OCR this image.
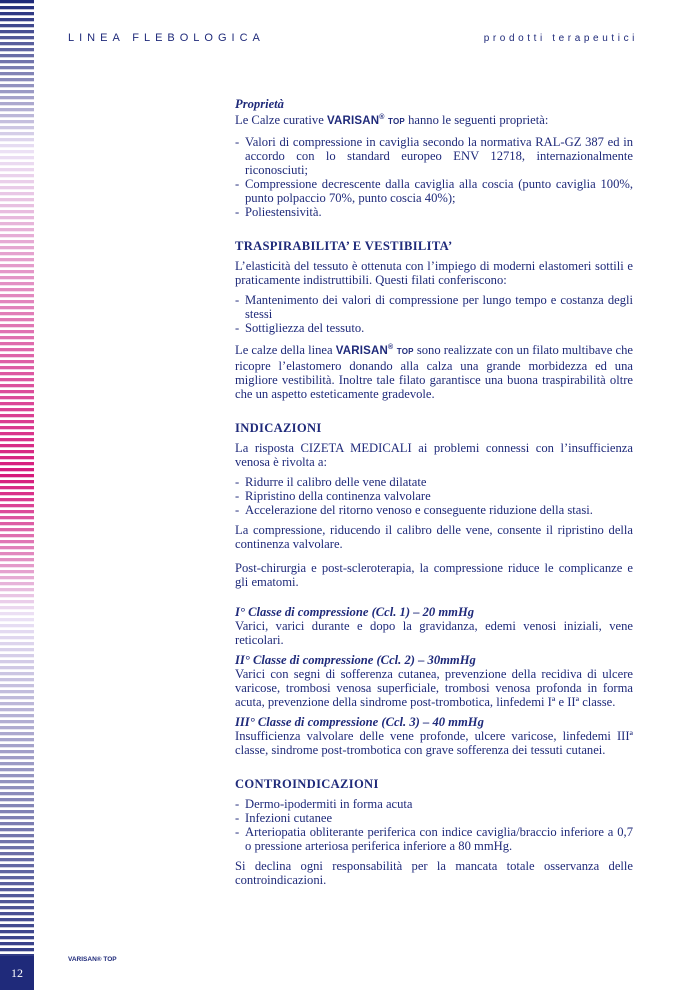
LINEA FLEBOLOGICA	prodotti terapeutici

Proprietà

Le Calze curative VARISAN® TOP hanno le seguenti proprietà:

- Valori di compressione in caviglia secondo la normativa RAL-GZ 387 ed in accordo con lo standard europeo ENV 12718, internazionalmente riconosciuti;
- Compressione decrescente dalla caviglia alla coscia (punto caviglia 100%, punto polpaccio 70%, punto coscia 40%);
- Poliestensività.

TRASPIRABILITA’ E VESTIBILITA’

L’elasticità del tessuto è ottenuta con l’impiego di moderni elastomeri sottili e praticamente indistruttibili. Questi filati conferiscono:

- Mantenimento dei valori di compressione per lungo tempo e costanza degli stessi
- Sottigliezza del tessuto.

Le calze della linea VARISAN® TOP sono realizzate con un filato multibave che ricopre l’elastomero donando alla calza una grande morbidezza ed una migliore vestibilità. Inoltre tale filato garantisce una buona traspirabilità oltre che un aspetto esteticamente gradevole.

INDICAZIONI

La risposta CIZETA MEDICALI ai problemi connessi con l’insufficienza venosa è rivolta a:

- Ridurre il calibro delle vene dilatate
- Ripristino della continenza valvolare
- Accelerazione del ritorno venoso e conseguente riduzione della stasi.

La compressione, riducendo il calibro delle vene, consente il ripristino della continenza valvolare.

Post-chirurgia e post-scleroterapia, la compressione riduce le complicanze e gli ematomi.

I° Classe di compressione (Ccl. 1) – 20 mmHg

Varici, varici durante e dopo la gravidanza, edemi venosi iniziali, vene reticolari.

II° Classe di compressione (Ccl. 2) – 30mmHg

Varici con segni di sofferenza cutanea, prevenzione della recidiva di ulcere varicose, trombosi venosa superficiale, trombosi venosa profonda in forma acuta, prevenzione della sindrome post-trombotica, linfedemi Iª e IIª classe.

III° Classe di compressione (Ccl. 3) – 40 mmHg

Insufficienza valvolare delle vene profonde, ulcere varicose, linfedemi IIIª classe, sindrome post-trombotica con grave sofferenza dei tessuti cutanei.

CONTROINDICAZIONI

- Dermo-ipodermiti in forma acuta
- Infezioni cutanee
- Arteriopatia obliterante periferica con indice caviglia/braccio inferiore a 0,7 o pressione arteriosa periferica inferiore a 80 mmHg.

Si declina ogni responsabilità per la mancata totale osservanza delle controindicazioni.

VARISAN® TOP
12
